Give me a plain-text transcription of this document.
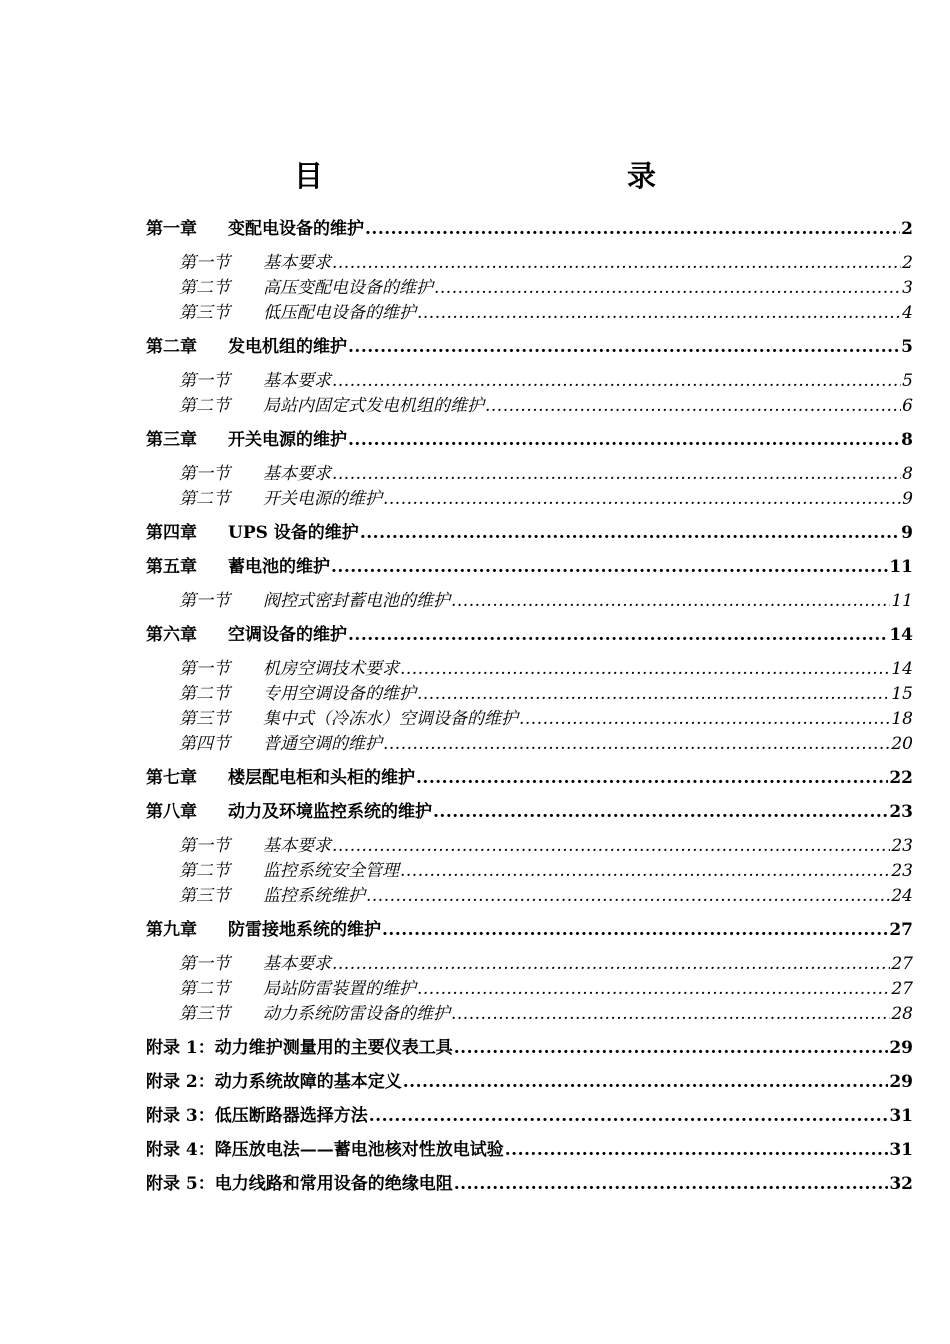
目　　录
第一章	变配电设备的维护 .....	2
第一节	基本要求 .....	2
第二节	高压变配电设备的维护 .....	3
第三节	低压配电设备的维护 .....	4
第二章	发电机组的维护 .....	5
第一节	基本要求 .....	5
第二节	局站内固定式发电机组的维护 .....	6
第三章	开关电源的维护 .....	8
第一节	基本要求 .....	8
第二节	开关电源的维护 .....	9
第四章	UPS 设备的维护 .....	9
第五章	蓄电池的维护 .....	11
第一节	阀控式密封蓄电池的维护 .....	11
第六章	空调设备的维护 .....	14
第一节	机房空调技术要求 .....	14
第二节	专用空调设备的维护 .....	15
第三节	集中式（冷冻水）空调设备的维护 .....	18
第四节	普通空调的维护 .....	20
第七章	楼层配电柜和头柜的维护 .....	22
第八章	动力及环境监控系统的维护 .....	23
第一节	基本要求 .....	23
第二节	监控系统安全管理 .....	23
第三节	监控系统维护 .....	24
第九章	防雷接地系统的维护 .....	27
第一节	基本要求 .....	27
第二节	局站防雷装置的维护 .....	27
第三节	动力系统防雷设备的维护 .....	28
附录 1：动力维护测量用的主要仪表工具 .....	29
附录 2：动力系统故障的基本定义 .....	29
附录 3：低压断路器选择方法 .....	31
附录 4：降压放电法——蓄电池核对性放电试验 .....	31
附录 5：电力线路和常用设备的绝缘电阻 .....	32
